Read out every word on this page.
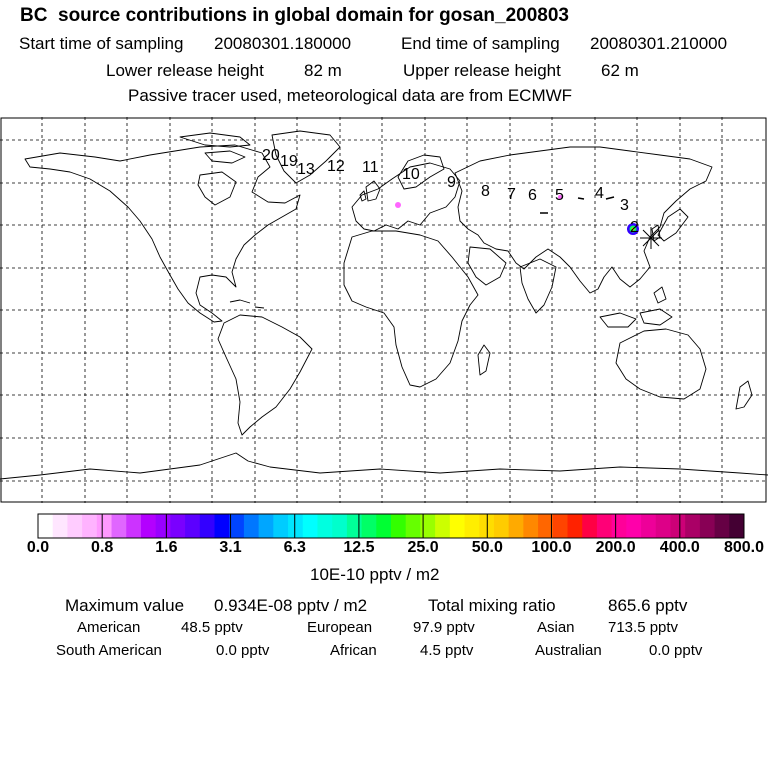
BC  source contributions in global domain for gosan_200803
Start time of sampling 20080301.180000	End time of sampling 20080301.210000
Lower release height 82 m	Upper release height 62 m
Passive tracer used, meteorological data are from ECMWF
20 19 13 12 11 10 9
8 7 6 5 4
3
2
0.0	0.8	1.6	3.1	6.3 12.5 25.0 50.0 100.0 200.0 400.0 800.0
10E-10 pptv / m2
Maximum value 0.934E-08 pptv / m2	Total mixing ratio	865.6 pptv
American	48.5 pptv	European	97.9 pptv	Asian 713.5 pptv
South American	0.0 pptv	African	4.5 pptv	Australian	0.0 pptv
